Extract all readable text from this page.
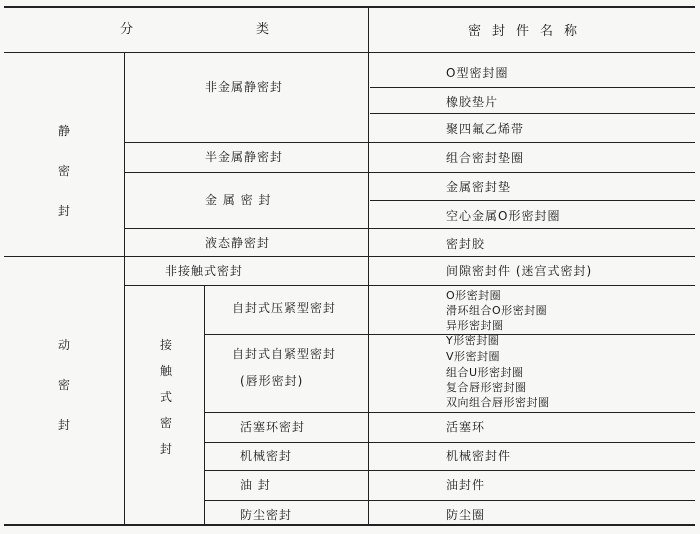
分	类	密 封 件 名 称
静
密
封
非金属静密封
半金属静密封
金 属 密 封
液态静密封
O型密封圈
橡胶垫片
聚四氟乙烯带
组合密封垫圈
金属密封垫
空心金属O形密封圈
密封胶
动
密
封
非接触式密封
接
触
式
密
封
自封式压紧型密封
自封式自紧型密封
(唇形密封)
活塞环密封
机械密封
油 封
防尘密封
间隙密封件 (迷宫式密封)
O形密封圈
滑环组合O形密封圈
异形密封圈
Y形密封圈
V形密封圈
组合U形密封圈
复合唇形密封圈
双向组合唇形密封圈
活塞环
机械密封件
油封件
防尘圈
